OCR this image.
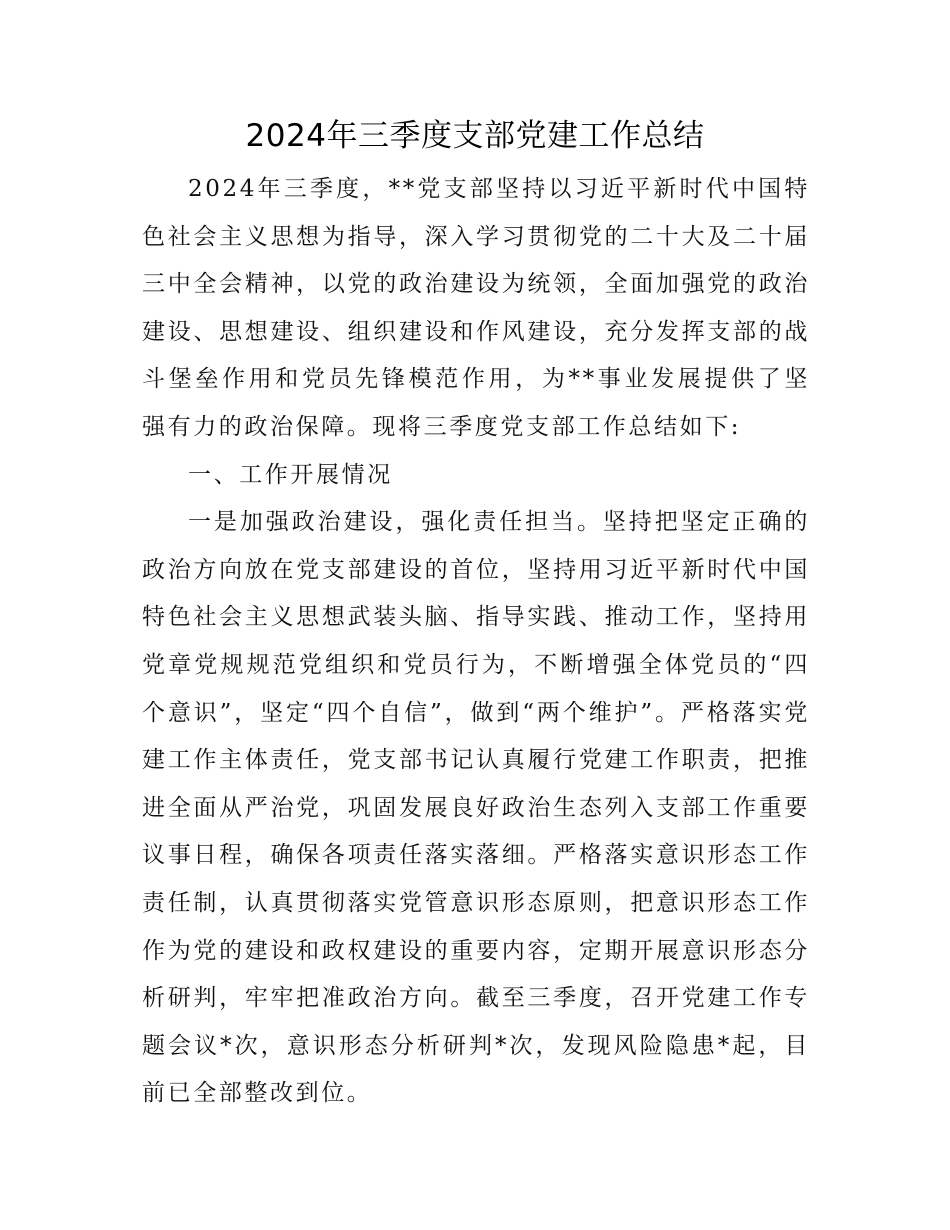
2024年三季度支部党建工作总结

2024年三季度，**党支部坚持以习近平新时代中国特色社会主义思想为指导，深入学习贯彻党的二十大及二十届三中全会精神，以党的政治建设为统领，全面加强党的政治建设、思想建设、组织建设和作风建设，充分发挥支部的战斗堡垒作用和党员先锋模范作用，为**事业发展提供了坚强有力的政治保障。现将三季度党支部工作总结如下:

一、工作开展情况

一是加强政治建设，强化责任担当。坚持把坚定正确的政治方向放在党支部建设的首位，坚持用习近平新时代中国特色社会主义思想武装头脑、指导实践、推动工作，坚持用党章党规规范党组织和党员行为，不断增强全体党员的“四个意识”，坚定“四个自信”，做到“两个维护”。严格落实党建工作主体责任，党支部书记认真履行党建工作职责，把推进全面从严治党，巩固发展良好政治生态列入支部工作重要议事日程，确保各项责任落实落细。严格落实意识形态工作责任制，认真贯彻落实党管意识形态原则，把意识形态工作作为党的建设和政权建设的重要内容，定期开展意识形态分析研判，牢牢把准政治方向。截至三季度，召开党建工作专题会议*次，意识形态分析研判*次，发现风险隐患*起，目前已全部整改到位。
